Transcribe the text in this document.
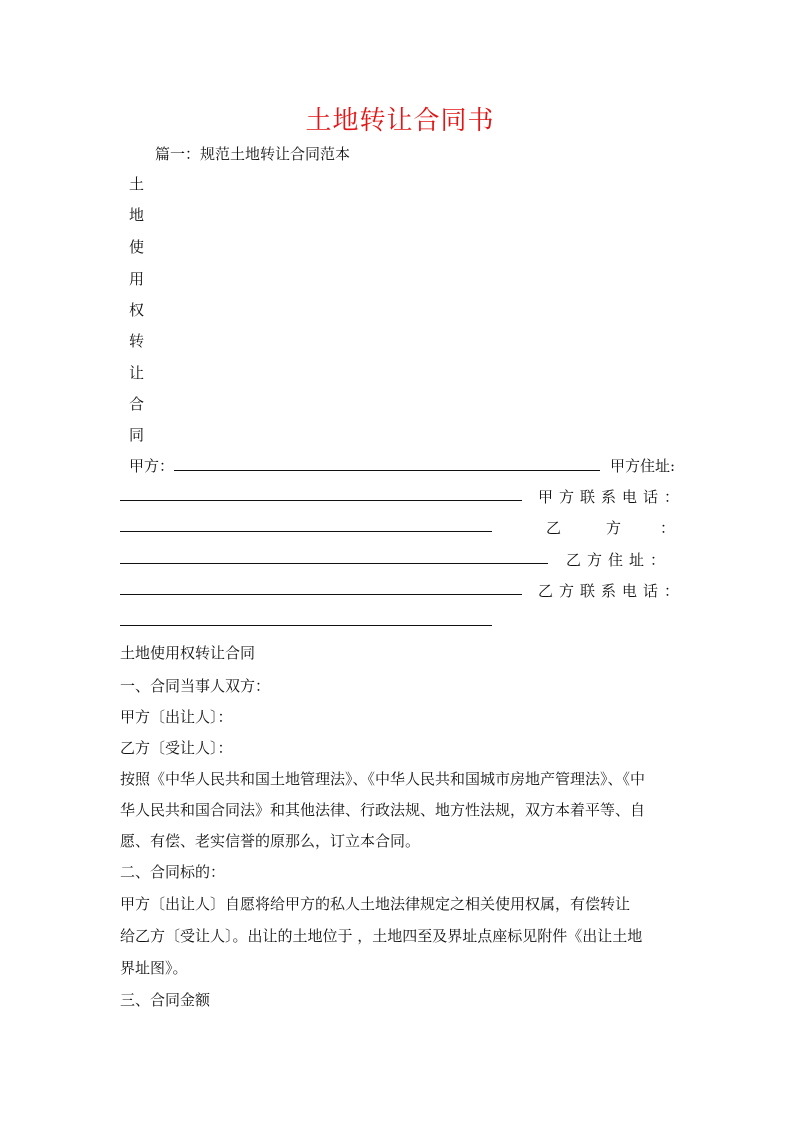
土地转让合同书
篇一：规范土地转让合同范本
土
地
使
用
权
转
让
合
同
甲方：	甲方住址:
甲方联系电话：
乙	方	：
乙方住址：
乙方联系电话：
土地使用权转让合同
一、合同当事人双方：
甲方〔出让人〕：
乙方〔受让人〕：
按照《中华人民共和国土地管理法》、《中华人民共和国城市房地产管理法》、《中
华人民共和国合同法》和其他法律、行政法规、地方性法规，双方本着平等、自
愿、有偿、老实信誉的原那么，订立本合同。
二、合同标的：
甲方〔出让人〕自愿将给甲方的私人土地法律规定之相关使用权属，有偿转让
给乙方〔受让人〕。出让的土地位于 ，土地四至及界址点座标见附件《出让土地
界址图》。
三、合同金额
